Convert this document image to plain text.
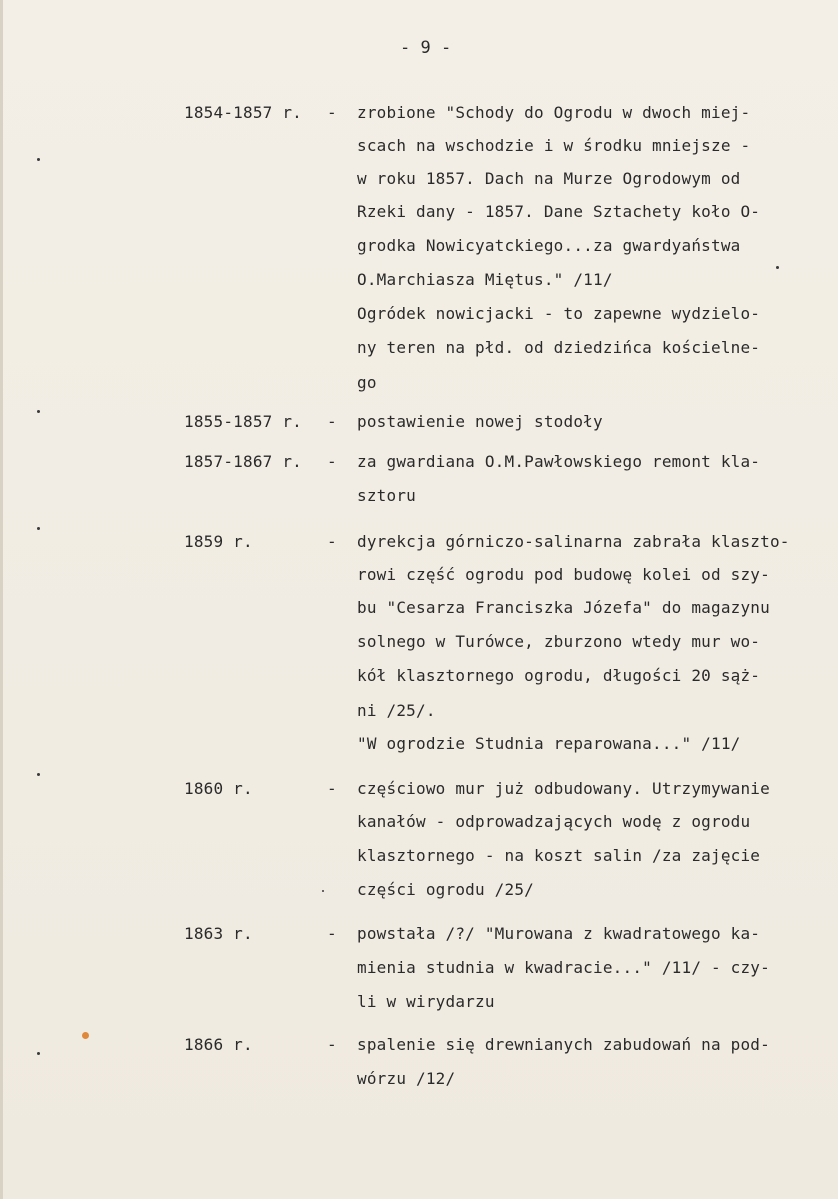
- 9 -
1854-1857 r. - zrobione "Schody do Ogrodu w dwoch miej-
scach na wschodzie i w środku mniejsze -
w roku 1857. Dach na Murze Ogrodowym od
Rzeki dany - 1857. Dane Sztachety koło O-
grodka Nowicyatckiego...za gwardyaństwa
O.Marchiasza Miętus." /11/
Ogródek nowicjacki - to zapewne wydzielo-
ny teren na płd. od dziedzińca kościelne-
go
1855-1857 r. - postawienie nowej stodoły
1857-1867 r. - za gwardiana O.M.Pawłowskiego remont kla-
sztoru
1859 r.	- dyrekcja górniczo-salinarna zabrała klaszto-
rowi część ogrodu pod budowę kolei od szy-
bu "Cesarza Franciszka Józefa" do magazynu
solnego w Turówce, zburzono wtedy mur wo-
kół klasztornego ogrodu, długości 20 sąż-
ni /25/.
"W ogrodzie Studnia reparowana..." /11/
1860 r.	- częściowo mur już odbudowany. Utrzymywanie
kanałów - odprowadzających wodę z ogrodu
klasztornego - na koszt salin /za zajęcie
części ogrodu /25/
1863 r.	- powstała /?/ "Murowana z kwadratowego ka-
mienia studnia w kwadracie..." /11/ - czy-
li w wirydarzu
1866 r.	- spalenie się drewnianych zabudowań na pod-
wórzu /12/
